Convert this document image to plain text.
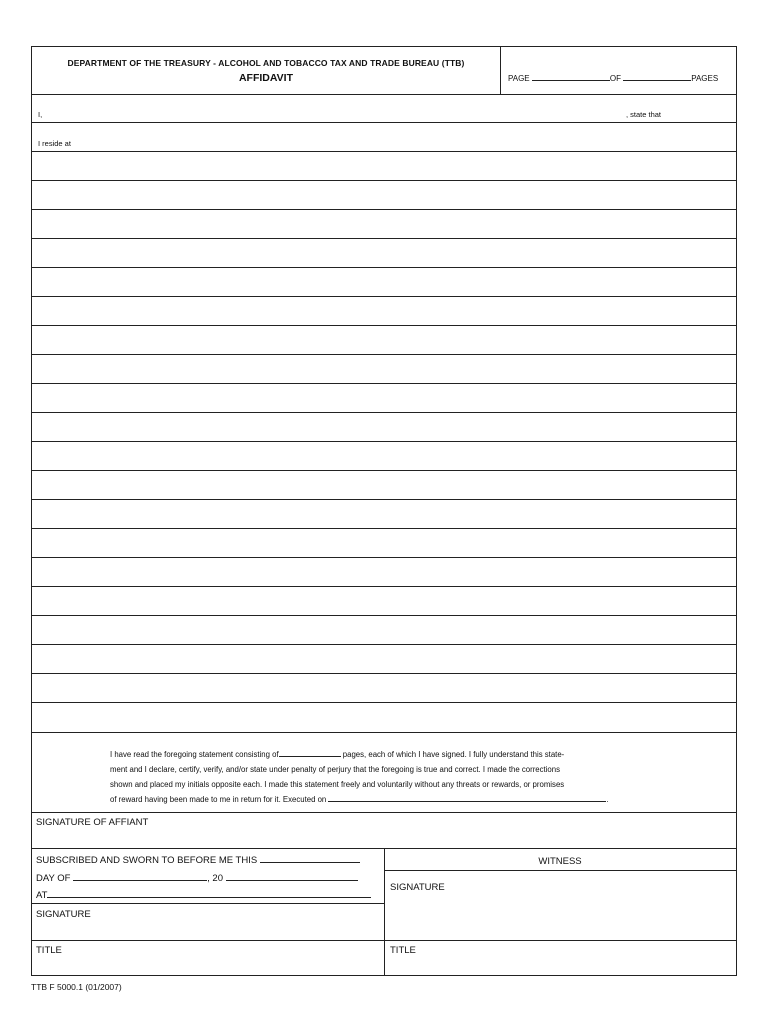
DEPARTMENT OF THE TREASURY - ALCOHOL AND TOBACCO TAX AND TRADE BUREAU (TTB)
AFFIDAVIT	PAGE	OF	PAGES
I,	, state that
I reside at
I have read the foregoing statement consisting of	pages, each of which I have signed. I fully understand this state-
ment and I declare, certify, verify, and/or state under penalty of perjury that the foregoing is true and correct. I made the corrections
shown and placed my initials opposite each. I made this statement freely and voluntarily without any threats or rewards, or promises
of reward having been made to me in return for it. Executed on	.
SIGNATURE OF AFFIANT
SUBSCRIBED AND SWORN TO BEFORE ME THIS
DAY OF	, 20
AT
SIGNATURE
TITLE
WITNESS
SIGNATURE
TITLE
TTB F 5000.1 (01/2007)
